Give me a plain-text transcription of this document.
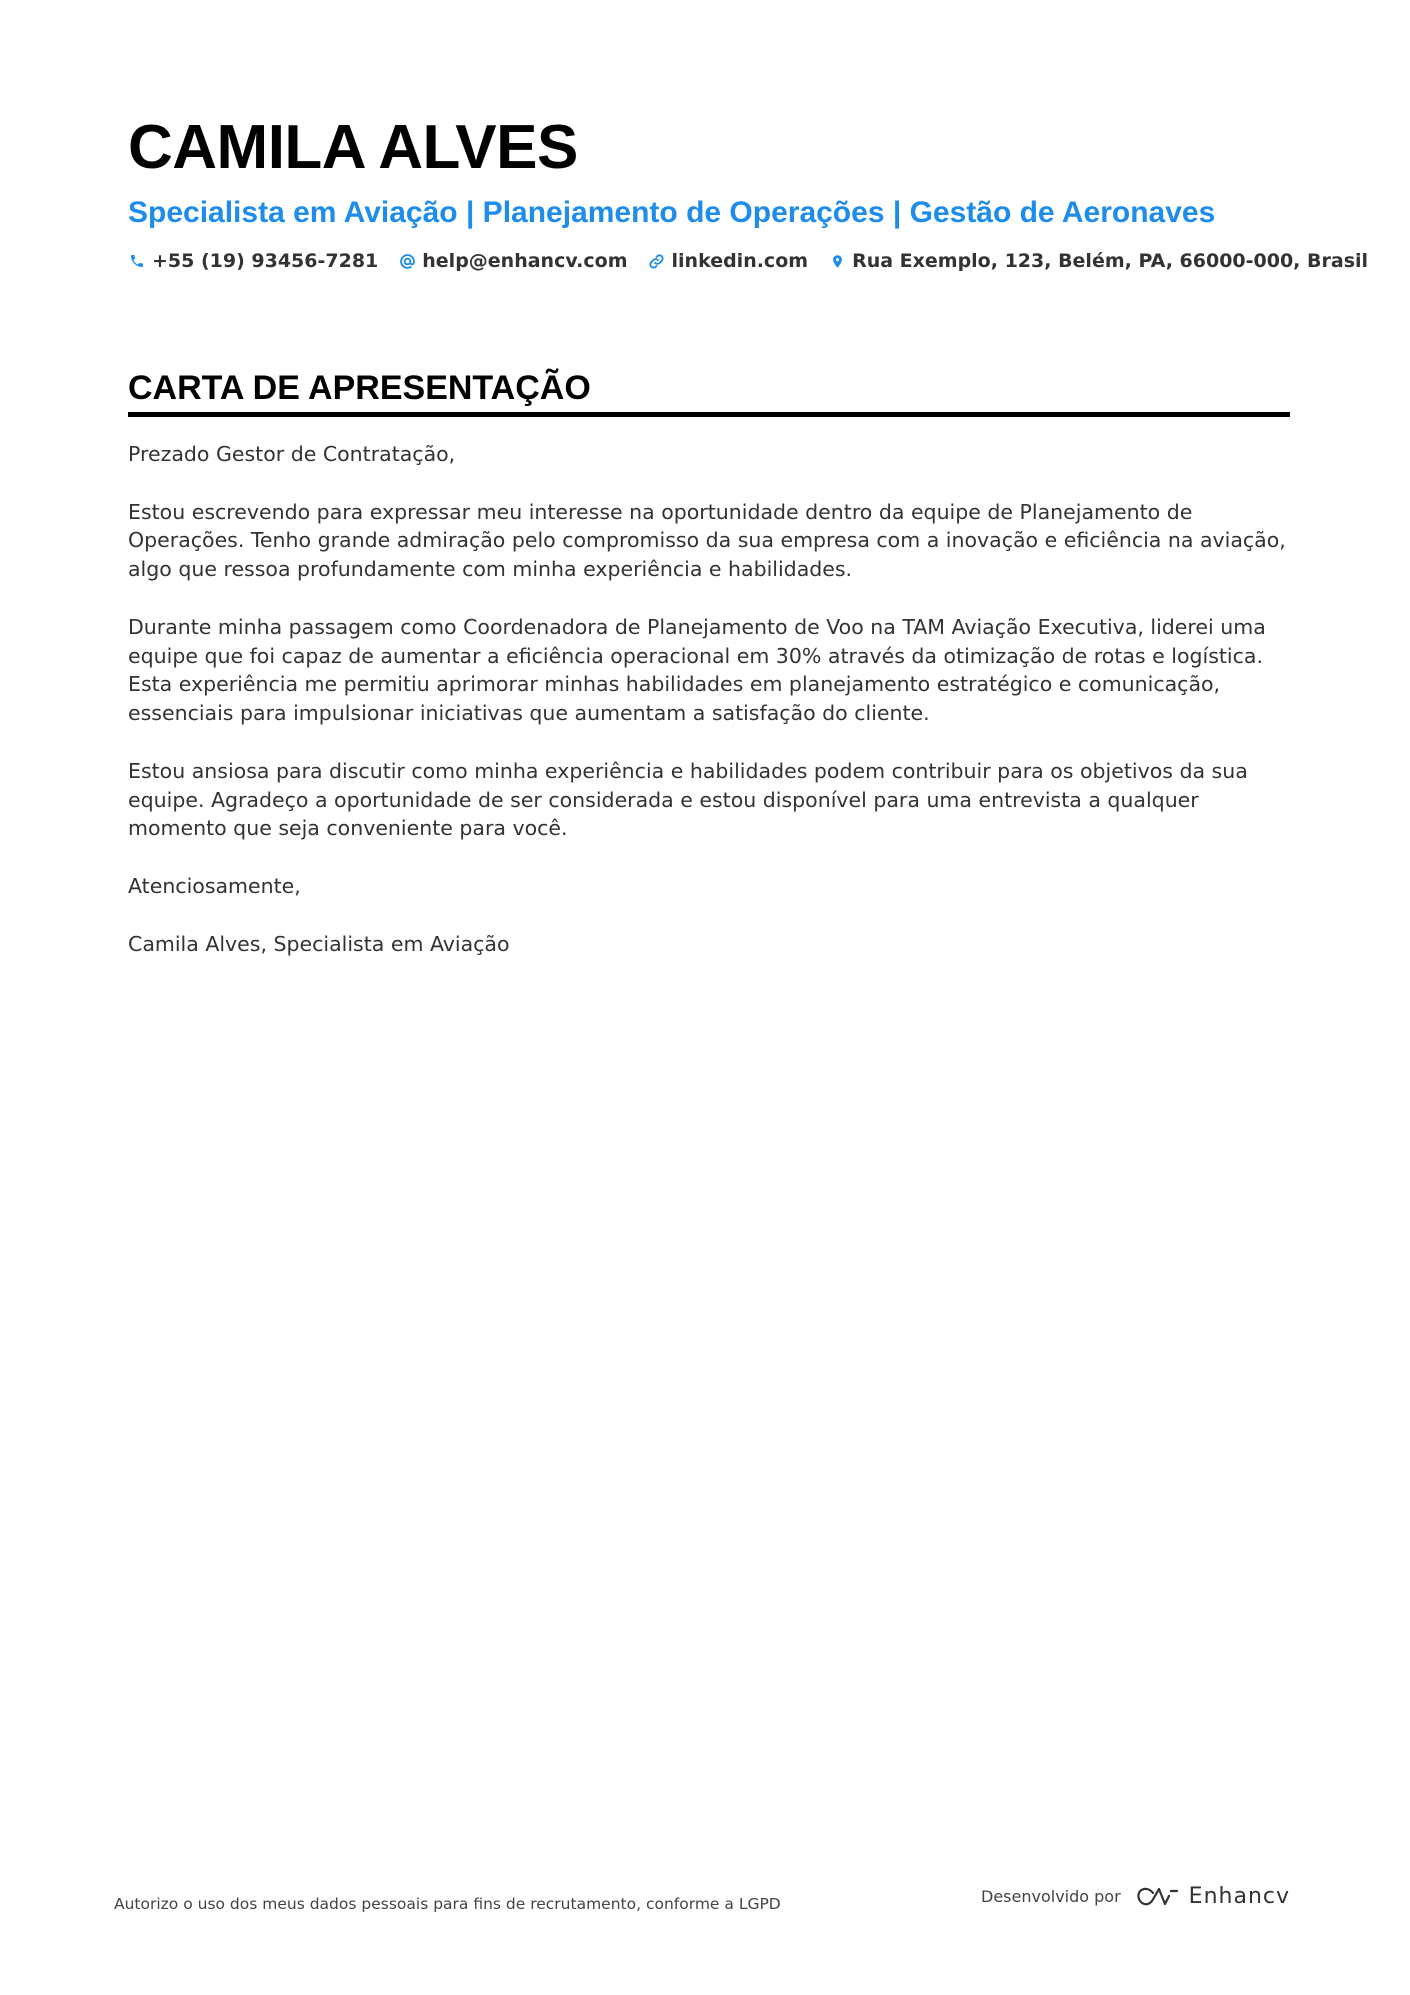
CAMILA ALVES
Specialista em Aviação | Planejamento de Operações | Gestão de Aeronaves
+55 (19) 93456-7281 help@enhancv.com linkedin.com Rua Exemplo, 123, Belém, PA, 66000-000, Brasil
CARTA DE APRESENTAÇÃO

Prezado Gestor de Contratação,

Estou escrevendo para expressar meu interesse na oportunidade dentro da equipe de Planejamento de Operações. Tenho grande admiração pelo compromisso da sua empresa com a inovação e eficiência na aviação, algo que ressoa profundamente com minha experiência e habilidades.

Durante minha passagem como Coordenadora de Planejamento de Voo na TAM Aviação Executiva, liderei uma equipe que foi capaz de aumentar a eficiência operacional em 30% através da otimização de rotas e logística. Esta experiência me permitiu aprimorar minhas habilidades em planejamento estratégico e comunicação, essenciais para impulsionar iniciativas que aumentam a satisfação do cliente.

Estou ansiosa para discutir como minha experiência e habilidades podem contribuir para os objetivos da sua equipe. Agradeço a oportunidade de ser considerada e estou disponível para uma entrevista a qualquer momento que seja conveniente para você.

Atenciosamente,

Camila Alves, Specialista em Aviação

Autorizo o uso dos meus dados pessoais para fins de recrutamento, conforme a LGPD	Desenvolvido por	Enhancv
